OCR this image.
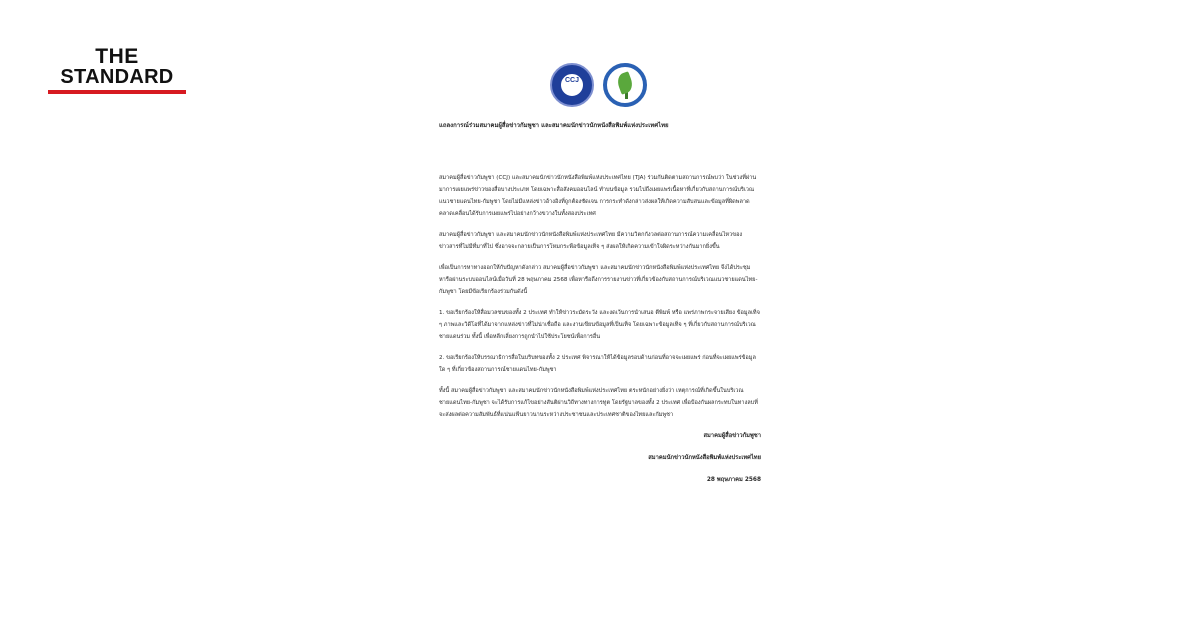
THE
STANDARD	CCJ
แถลงการณ์ร่วมสมาคมผู้สื่อข่าวกัมพูชา และสมาคมนักข่าวนักหนังสือพิมพ์แห่งประเทศไทย

สมาคมผู้สื่อข่าวกัมพูชา (CCJ) และสมาคมนักข่าวนักหนังสือพิมพ์แห่งประเทศไทย (TJA) ร่วมกันติดตามสถานการณ์พบว่า ในช่วงที่ผ่านมาการเผยแพร่ข่าวของสื่อบางประเภท โดยเฉพาะสื่อสังคมออนไลน์ ทำบนข้อมูล รวมไปถึงเผยแพร่เนื้อหาที่เกี่ยวกับสถานการณ์บริเวณแนวชายแดนไทย-กัมพูชา โดยไม่มีแหล่งข่าวอ้างอิงที่ถูกต้องชัดเจน การกระทำดังกล่าวส่งผลให้เกิดความสับสนและข้อมูลที่ผิดพลาดคลาดเคลื่อนได้รับการเผยแพร่ไปอย่างกว้างขวางในทั้งสองประเทศ

สมาคมผู้สื่อข่าวกัมพูชา และสมาคมนักข่าวนักหนังสือพิมพ์แห่งประเทศไทย มีความวิตกกังวลต่อสถานการณ์ความเคลื่อนไหวของข่าวสารที่ไม่มีที่มาที่ไป ซึ่งอาจจะกลายเป็นการโหมกระพือข้อมูลเท็จ ๆ ส่งผลให้เกิดความเข้าใจผิดระหว่างกันมากยิ่งขึ้น

เพื่อเป็นการหาทางออกให้กับปัญหาดังกล่าว สมาคมผู้สื่อข่าวกัมพูชา และสมาคมนักข่าวนักหนังสือพิมพ์แห่งประเทศไทย จึงได้ประชุมหารือผ่านระบบออนไลน์เมื่อวันที่ 28 พฤษภาคม 2568 เพื่อหารือถึงการรายงานข่าวที่เกี่ยวข้องกับสถานการณ์บริเวณแนวชายแดนไทย-กัมพูชา โดยมีข้อเรียกร้องร่วมกันดังนี้

1. ขอเรียกร้องให้สื่อมวลชนของทั้ง 2 ประเทศ ทำให้ข่าวระมัดระวัง และงดเว้นการนำเสนอ ตีพิมพ์ หรือ แพร่ภาพกระจายเสียง ข้อมูลเท็จ ๆ ภาพและวิดีโอที่ได้มาจากแหล่งข่าวที่ไม่น่าเชื่อถือ และงานเขียนข้อมูลที่เป็นเท็จ โดยเฉพาะข้อมูลเท็จ ๆ ที่เกี่ยวกับสถานการณ์บริเวณชายแดนร่วม ทั้งนี้ เพื่อหลีกเลี่ยงการถูกนำไปใช้ประโยชน์เพื่อการอื่น

2. ขอเรียกร้องให้บรรณาธิการสื่อในบริบทของทั้ง 2 ประเทศ พิจารณาให้ได้ข้อมูลรอบด้านก่อนที่อาจจะเผยแพร่ ก่อนที่จะเผยแพร่ข้อมูลใด ๆ ที่เกี่ยวข้องสถานการณ์ชายแดนไทย-กัมพูชา

ทั้งนี้ สมาคมผู้สื่อข่าวกัมพูชา และสมาคมนักข่าวนักหนังสือพิมพ์แห่งประเทศไทย ตระหนักอย่างยิ่งว่า เหตุการณ์ที่เกิดขึ้นในบริเวณชายแดนไทย-กัมพูชา จะได้รับการแก้ไขอย่างสันติผ่านวิถีทางทางการทูต โดยรัฐบาลของทั้ง 2 ประเทศ เพื่อป้องกันผลกระทบในทางลบที่จะส่งผลต่อความสัมพันธ์ที่แน่นแฟ้นยาวนานระหว่างประชาชนและประเทศชาติของไทยและกัมพูชา

สมาคมผู้สื่อข่าวกัมพูชา
สมาคมนักข่าวนักหนังสือพิมพ์แห่งประเทศไทย
28 พฤษภาคม 2568
